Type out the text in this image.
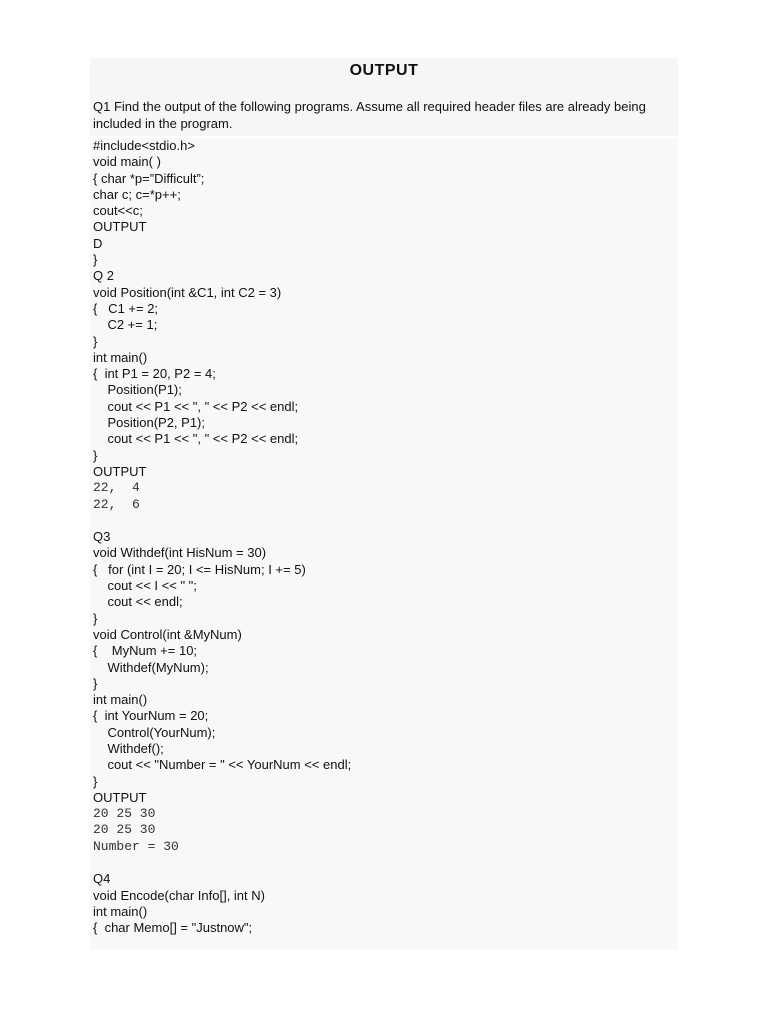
OUTPUT
Q1 Find the output of the following programs. Assume all required header files are already being included in the program.
#include<stdio.h>
void main( )
{ char *p=”Difficult”;
char c; c=*p++;
cout<<c;
OUTPUT
D
}
Q 2
void Position(int &C1, int C2 = 3)
{   C1 += 2;
C2 += 1;
}
int main()
{  int P1 = 20, P2 = 4;
Position(P1);
cout << P1 << ", " << P2 << endl;
Position(P2, P1);
cout << P1 << ", " << P2 << endl;
}
OUTPUT
22,  4
22,  6
Q3
void Withdef(int HisNum = 30)
{   for (int I = 20; I <= HisNum; I += 5)
cout << I << " ";
cout << endl;
}
void Control(int &MyNum)
{    MyNum += 10;
Withdef(MyNum);
}
int main()
{  int YourNum = 20;
Control(YourNum);
Withdef();
cout << "Number = " << YourNum << endl;
}
OUTPUT
20 25 30
20 25 30
Number = 30
Q4
void Encode(char Info[], int N)
int main()
{  char Memo[] = "Justnow";
